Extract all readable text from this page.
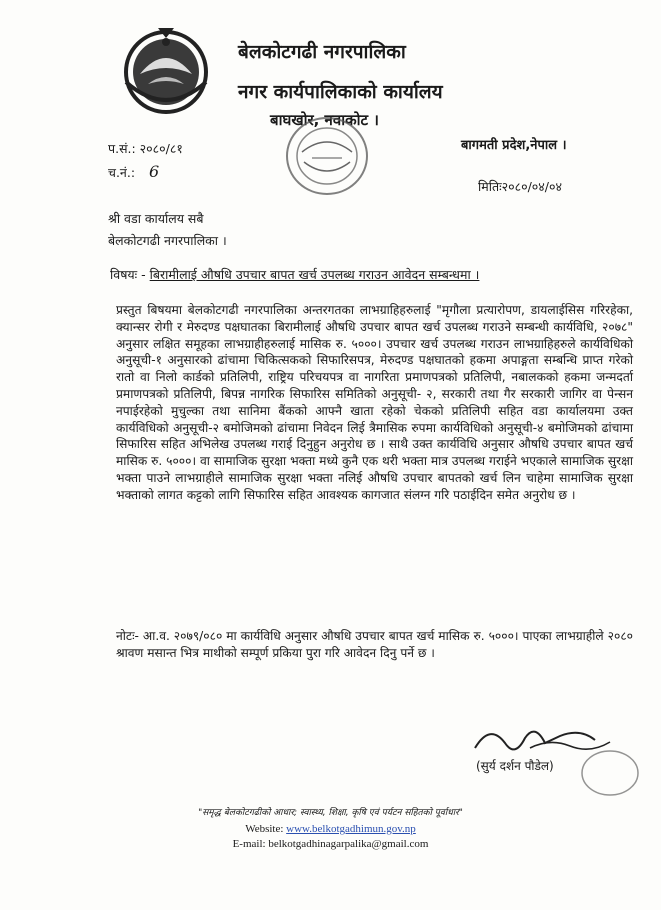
बेलकोटगढी नगरपालिका
नगर कार्यपालिकाको कार्यालय
बाघखोर, नवाकोट ।
प.सं.: २०८०/८१
च.नं.: 6
बागमती प्रदेश,नेपाल ।
मितिः२०८०/०४/०४
श्री वडा कार्यालय सबै
बेलकोटगढी नगरपालिका ।
विषयः - बिरामीलाई औषधि उपचार बापत खर्च उपलब्ध गराउन आवेदन सम्बन्धमा ।
प्रस्तुत बिषयमा बेलकोटगढी नगरपालिका अन्तरगतका लाभग्राहिहरुलाई "मृगौला प्रत्यारोपण, डायलाईसिस गरिरहेका, क्यान्सर रोगी र मेरुदण्ड पक्षघातका बिरामीलाई औषधि उपचार बापत खर्च उपलब्ध गराउने सम्बन्धी कार्यविधि, २०७८" अनुसार लक्षित समूहका लाभग्राहीहरुलाई मासिक रु. ५०००। उपचार खर्च उपलब्ध गराउन लाभग्राहिहरुले कार्यविधिको अनुसूची-१ अनुसारको ढांचामा चिकित्सकको सिफारिसपत्र, मेरुदण्ड पक्षघातको हकमा अपाङ्गता सम्बन्धि प्राप्त गरेको रातो वा निलो कार्डको प्रतिलिपी, राष्ट्रिय परिचयपत्र वा नागरिता प्रमाणपत्रको प्रतिलिपी, नबालकको हकमा जन्मदर्ता प्रमाणपत्रको प्रतिलिपी, बिपन्न नागरिक सिफारिस समितिको अनुसूची- २, सरकारी तथा गैर सरकारी जागिर वा पेन्सन नपाईरहेको मुचुल्का तथा सानिमा बैंकको आफ्नै खाता रहेको चेकको प्रतिलिपी सहित वडा कार्यालयमा उक्त कार्यविधिको अनुसूची-२ बमोजिमको ढांचामा निवेदन लिई त्रैमासिक रुपमा कार्यविधिको अनुसूची-४ बमोजिमको ढांचामा सिफारिस सहित अभिलेख उपलब्ध गराई दिनुहुन अनुरोध छ । साथै उक्त कार्यविधि अनुसार औषधि उपचार बापत खर्च मासिक रु. ५०००। वा सामाजिक सुरक्षा भक्ता मध्ये कुनै एक थरी भक्ता मात्र उपलब्ध गराईने भएकाले सामाजिक सुरक्षा भक्ता पाउने लाभग्राहीले सामाजिक सुरक्षा भक्ता नलिई औषधि उपचार बापतको खर्च लिन चाहेमा सामाजिक सुरक्षा भक्ताको लागत कट्टको लागि सिफारिस सहित आवश्यक कागजात संलग्न गरि पठाईदिन समेत अनुरोध छ ।
नोटः- आ.व. २०७९/०८० मा कार्यविधि अनुसार औषधि उपचार बापत खर्च मासिक रु. ५०००। पाएका लाभग्राहीले २०८० श्रावण मसान्त भित्र माथीको सम्पूर्ण प्रकिया पुरा गरि आवेदन दिनु पर्ने छ ।
(सुर्य दर्शन पौडेल)
"समृद्ध बेलकोटगढीको आधार; स्वास्थ्य, शिक्षा, कृषि एवं पर्यटन सहितको पूर्वाधार"
Website: www.belkotgadhimun.gov.np
E-mail: belkotgadhinagarpalika@gmail.com
